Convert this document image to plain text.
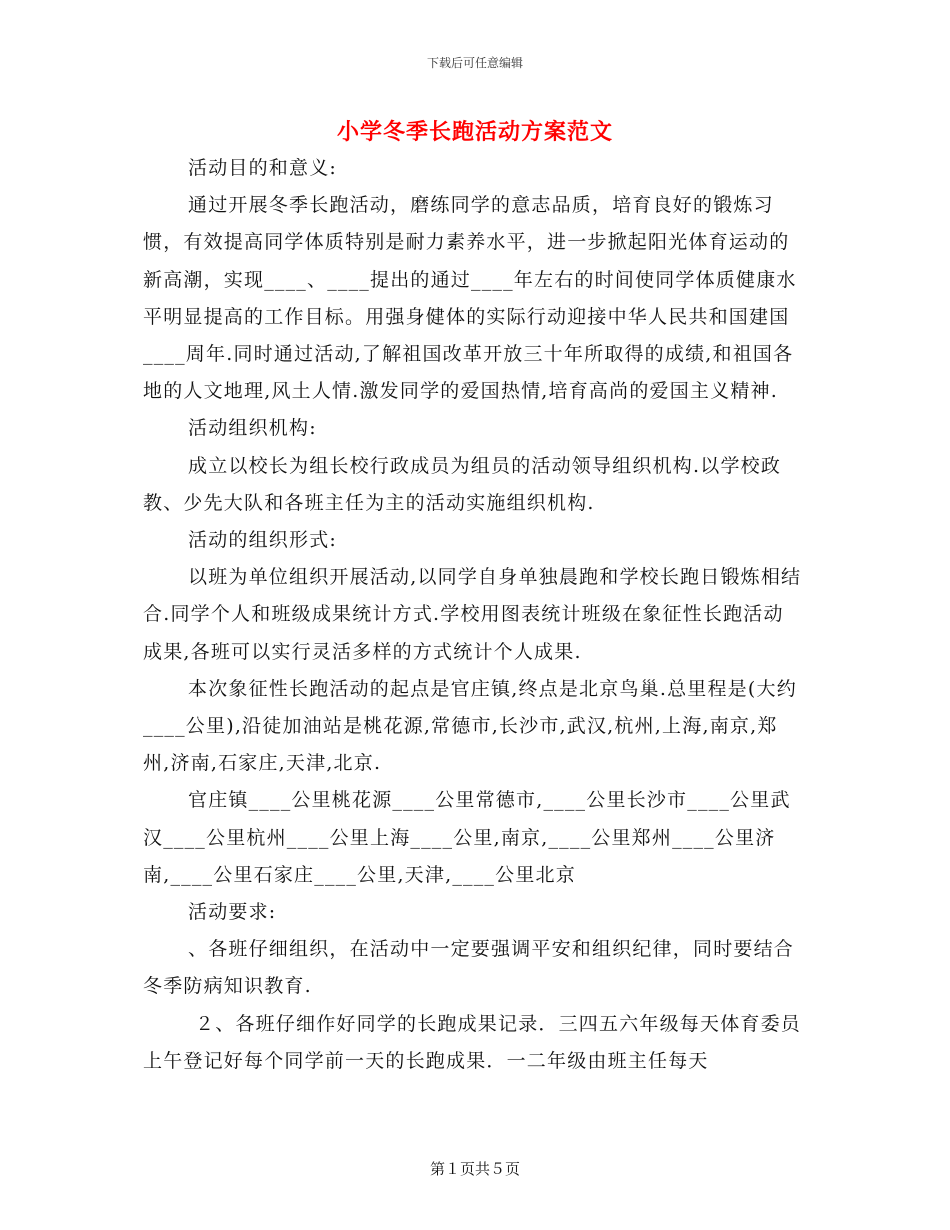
下载后可任意编辑
小学冬季长跑活动方案范文

活动目的和意义:

通过开展冬季长跑活动，磨练同学的意志品质，培育良好的锻炼习惯，有效提高同学体质特别是耐力素养水平，进一步掀起阳光体育运动的新高潮，实现____、____提出的通过____年左右的时间使同学体质健康水平明显提高的工作目标。用强身健体的实际行动迎接中华人民共和国建国____周年.同时通过活动,了解祖国改革开放三十年所取得的成绩,和祖国各地的人文地理,风土人情.激发同学的爱国热情,培育高尚的爱国主义精神.

活动组织机构:

成立以校长为组长校行政成员为组员的活动领导组织机构.以学校政教、少先大队和各班主任为主的活动实施组织机构.

活动的组织形式:

以班为单位组织开展活动,以同学自身单独晨跑和学校长跑日锻炼相结合.同学个人和班级成果统计方式.学校用图表统计班级在象征性长跑活动成果,各班可以实行灵活多样的方式统计个人成果.

本次象征性长跑活动的起点是官庄镇,终点是北京鸟巢.总里程是(大约____公里),沿徒加油站是桃花源,常德市,长沙市,武汉,杭州,上海,南京,郑州,济南,石家庄,天津,北京.

官庄镇____公里桃花源____公里常德市,____公里长沙市____公里武汉____公里杭州____公里上海____公里,南京,____公里郑州____公里济南,____公里石家庄____公里,天津,____公里北京

活动要求:

、各班仔细组织，在活动中一定要强调平安和组织纪律，同时要结合冬季防病知识教育.

２、各班仔细作好同学的长跑成果记录．三四五六年级每天体育委员上午登记好每个同学前一天的长跑成果．一二年级由班主任每天

第１页共５页
